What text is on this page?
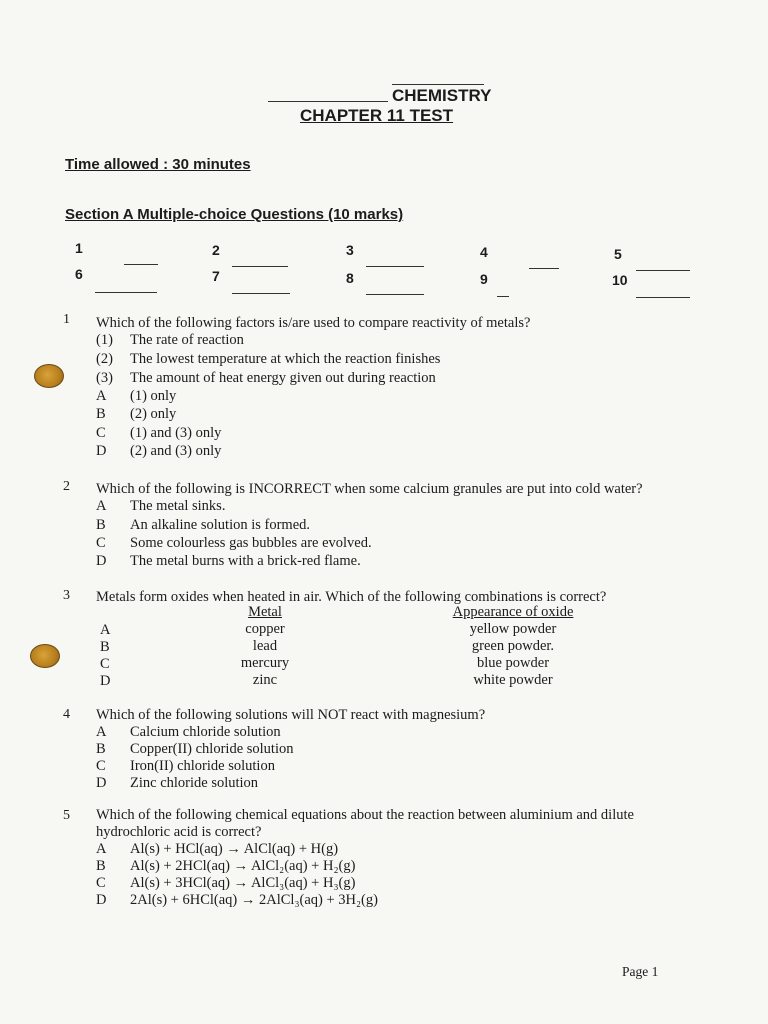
CHEMISTRY
CHAPTER 11 TEST
Time allowed : 30 minutes
Section A Multiple-choice Questions (10 marks)
1	2	3	4	5
6	7	8	9	10
1 Which of the following factors is/are used to compare reactivity of metals?
(1) The rate of reaction
(2) The lowest temperature at which the reaction finishes
(3) The amount of heat energy given out during reaction
A	(1) only
B	(2) only
C	(1) and (3) only
D	(2) and (3) only
2 Which of the following is INCORRECT when some calcium granules are put into cold water?
A	The metal sinks.
B	An alkaline solution is formed.
C	Some colourless gas bubbles are evolved.
D	The metal burns with a brick-red flame.
3 Metals form oxides when heated in air. Which of the following combinations is correct?
Metal	Appearance of oxide
A	copper	yellow powder
B	lead	green powder.
C	mercury	blue powder
D	zinc	white powder
4 Which of the following solutions will NOT react with magnesium?
A	Calcium chloride solution
B	Copper(II) chloride solution
C	Iron(II) chloride solution
D	Zinc chloride solution
5 Which of the following chemical equations about the reaction between aluminium and dilute
hydrochloric acid is correct?
A	Al(s) + HCl(aq) → AlCl(aq) + H(g)
B	Al(s) + 2HCl(aq) → AlCl₂(aq) + H₂(g)
C	Al(s) + 3HCl(aq) → AlCl₃(aq) + H₃(g)
D	2Al(s) + 6HCl(aq) → 2AlCl₃(aq) + 3H₂(g)
Page 1
